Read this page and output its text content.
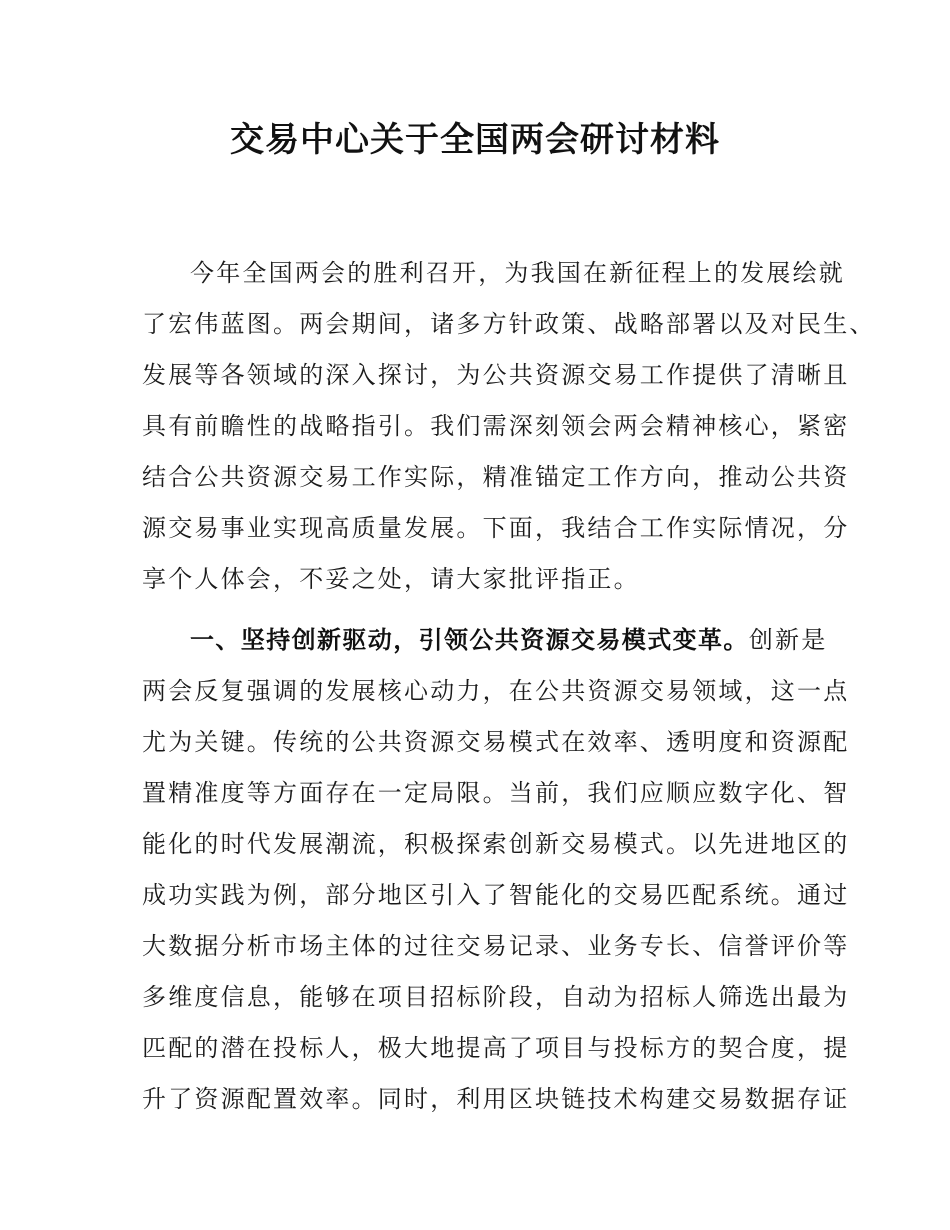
交易中心关于全国两会研讨材料
今年全国两会的胜利召开，为我国在新征程上的发展绘就
了宏伟蓝图。两会期间，诸多方针政策、战略部署以及对民生、
发展等各领域的深入探讨，为公共资源交易工作提供了清晰且
具有前瞻性的战略指引。我们需深刻领会两会精神核心，紧密
结合公共资源交易工作实际，精准锚定工作方向，推动公共资
源交易事业实现高质量发展。下面，我结合工作实际情况，分
享个人体会，不妥之处，请大家批评指正。
一、坚持创新驱动，引领公共资源交易模式变革。创新是
两会反复强调的发展核心动力，在公共资源交易领域，这一点
尤为关键。传统的公共资源交易模式在效率、透明度和资源配
置精准度等方面存在一定局限。当前，我们应顺应数字化、智
能化的时代发展潮流，积极探索创新交易模式。以先进地区的
成功实践为例，部分地区引入了智能化的交易匹配系统。通过
大数据分析市场主体的过往交易记录、业务专长、信誉评价等
多维度信息，能够在项目招标阶段，自动为招标人筛选出最为
匹配的潜在投标人，极大地提高了项目与投标方的契合度，提
升了资源配置效率。同时，利用区块链技术构建交易数据存证
